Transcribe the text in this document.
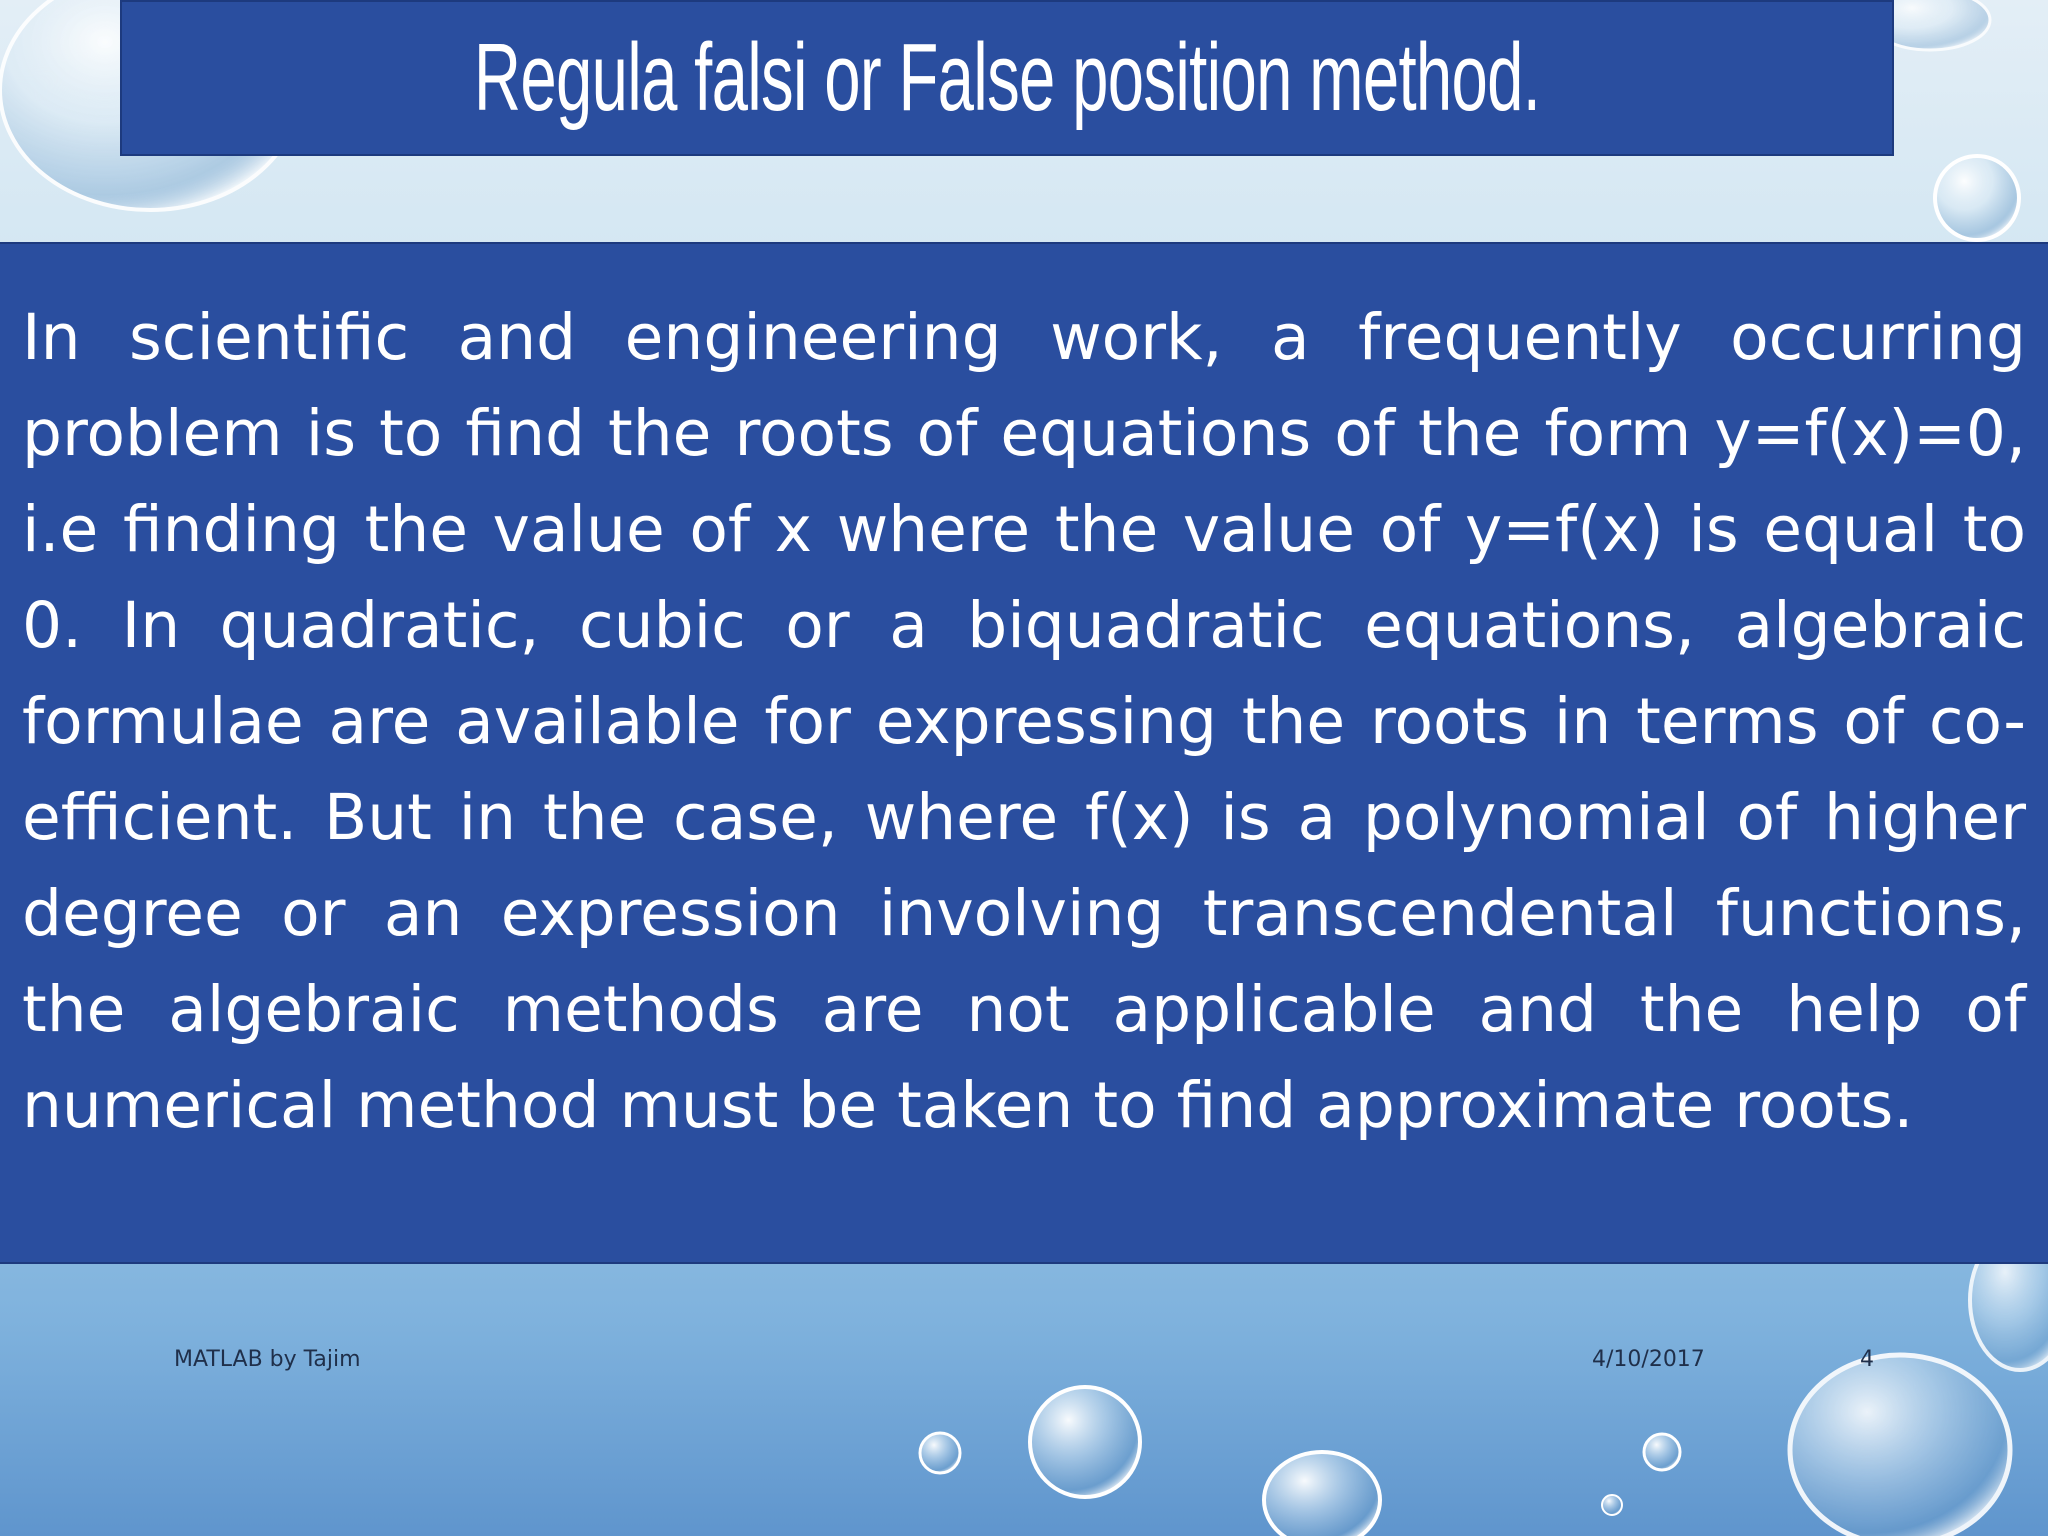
Regula falsi or False position method.

In scientific and engineering work, a frequently occurring problem is to find the roots of equations of the form y=f(x)=0, i.e finding the value of x where the value of y=f(x) is equal to 0. In quadratic, cubic or a biquadratic equations, algebraic formulae are available for expressing the roots in terms of co-efficient. But in the case, where f(x) is a polynomial of higher degree or an expression involving transcendental functions, the algebraic methods are not applicable and the help of numerical method must be taken to find approximate roots.

MATLAB by Tajim	4/10/2017	4
